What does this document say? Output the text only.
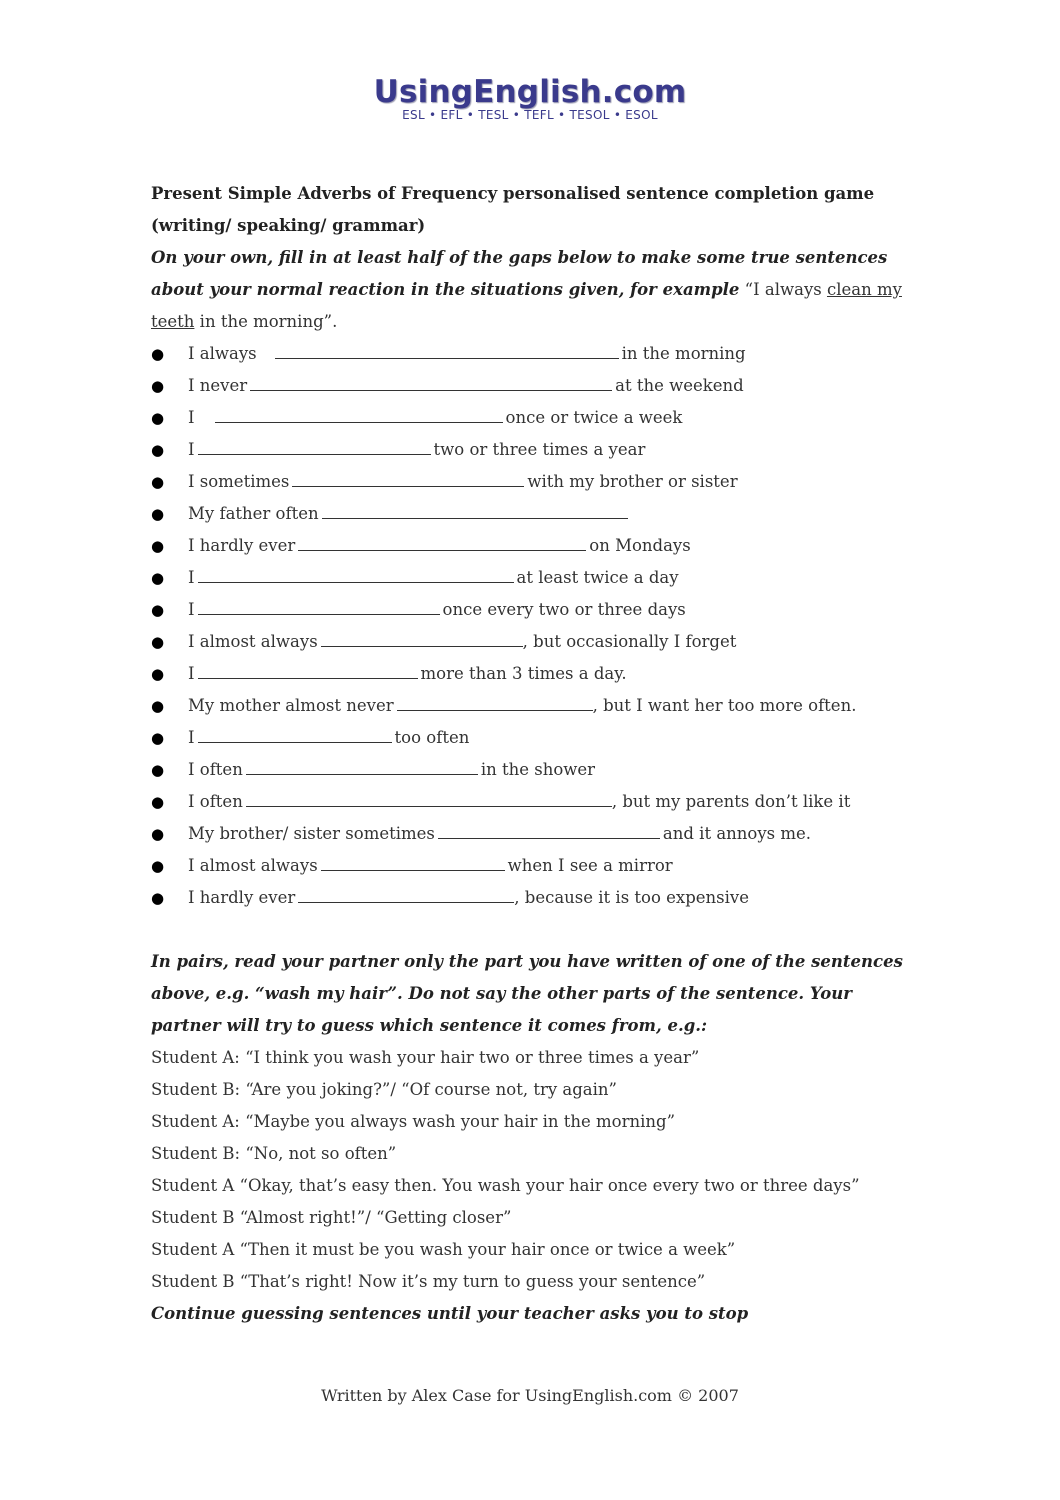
UsingEnglish.com
ESL • EFL • TESL • TEFL • TESOL • ESOL
Present Simple Adverbs of Frequency personalised sentence completion game (writing/ speaking/ grammar)
On your own, fill in at least half of the gaps below to make some true sentences about your normal reaction in the situations given, for example “I always clean my teeth in the morning”.
● I always	in the morning
● I never	at the weekend
● I	once or twice a week
● I	two or three times a year
● I sometimes	with my brother or sister
● My father often
● I hardly ever	on Mondays
● I	at least twice a day
● I	once every two or three days
● I almost always	, but occasionally I forget
● I	more than 3 times a day.
● My mother almost never	, but I want her too more often.
● I	too often
● I often	in the shower
● I often	, but my parents don’t like it
● My brother/ sister sometimes	and it annoys me.
● I almost always	when I see a mirror
● I hardly ever	, because it is too expensive
In pairs, read your partner only the part you have written of one of the sentences above, e.g. “wash my hair”. Do not say the other parts of the sentence. Your partner will try to guess which sentence it comes from, e.g.:
Student A: “I think you wash your hair two or three times a year”
Student B: “Are you joking?”/ “Of course not, try again”
Student A: “Maybe you always wash your hair in the morning”
Student B: “No, not so often”
Student A “Okay, that’s easy then. You wash your hair once every two or three days”
Student B “Almost right!”/ “Getting closer”
Student A “Then it must be you wash your hair once or twice a week”
Student B “That’s right! Now it’s my turn to guess your sentence”
Continue guessing sentences until your teacher asks you to stop
Written by Alex Case for UsingEnglish.com © 2007
